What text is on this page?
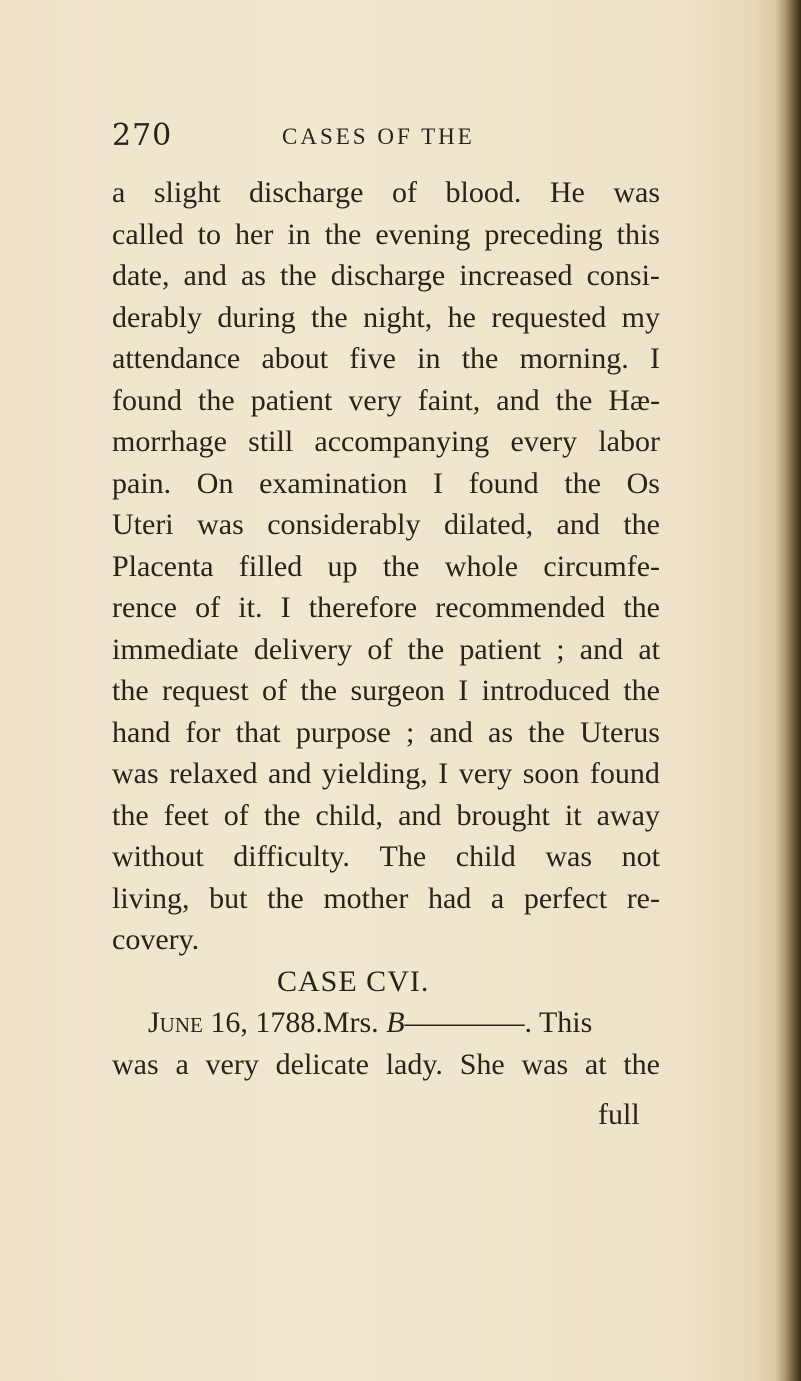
270	CASES OF THE
a slight discharge of blood. He was
called to her in the evening preceding this
date, and as the discharge increased consi-
derably during the night, he requested my
attendance about five in the morning. I
found the patient very faint, and the Hæ-
morrhage still accompanying every labor
pain. On examination I found the Os
Uteri was considerably dilated, and the
Placenta filled up the whole circumfe-
rence of it. I therefore recommended the
immediate delivery of the patient ; and at
the request of the surgeon I introduced the
hand for that purpose ; and as the Uterus
was relaxed and yielding, I very soon found
the feet of the child, and brought it away
without difficulty. The child was not
living, but the mother had a perfect re-
covery.
CASE CVI.
June 16, 1788.Mrs. B————. This
was a very delicate lady. She was at the
full
